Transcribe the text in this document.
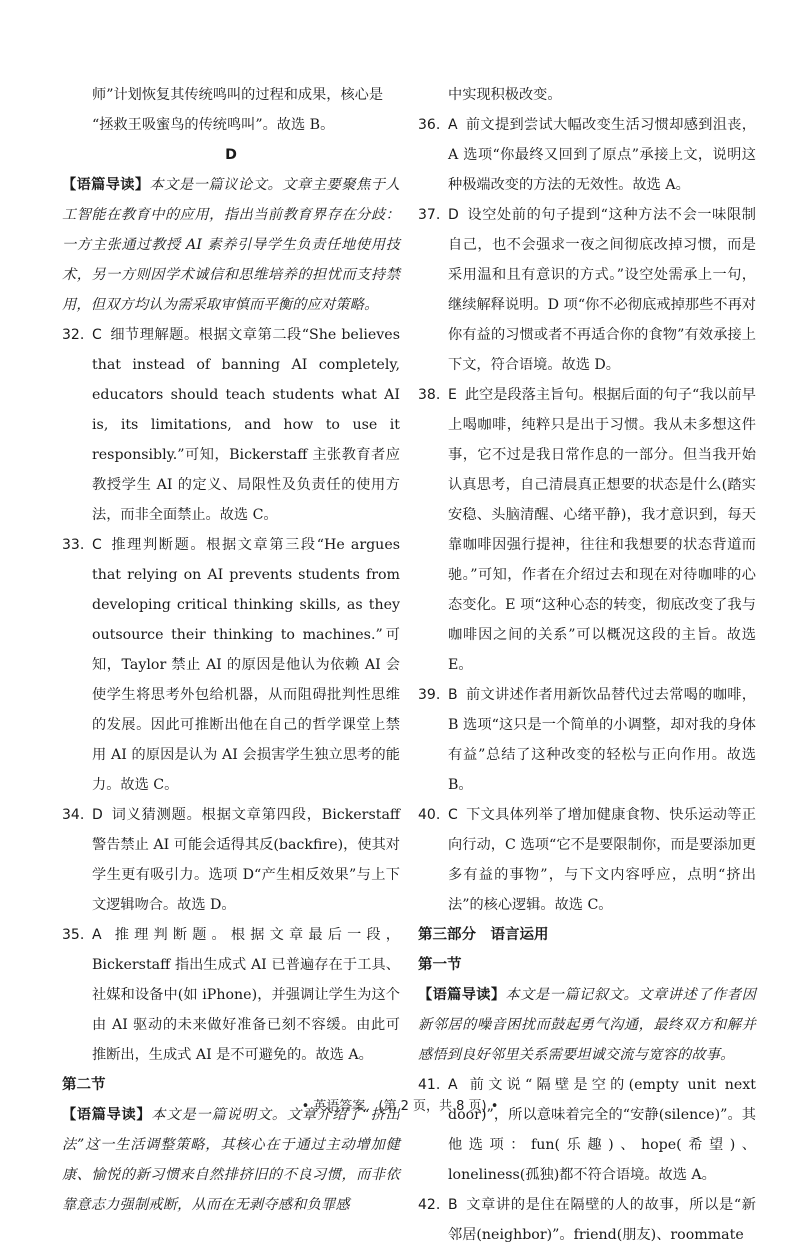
师”计划恢复其传统鸣叫的过程和成果，核心是

“拯救王吸蜜鸟的传统鸣叫”。故选 B。

D

【语篇导读】本文是一篇议论文。文章主要聚焦于人工智能在教育中的应用，指出当前教育界存在分歧：一方主张通过教授 AI 素养引导学生负责任地使用技术，另一方则因学术诚信和思维培养的担忧而支持禁用，但双方均认为需采取审慎而平衡的应对策略。

32. C 细节理解题。根据文章第二段“She believes that instead of banning AI completely, educators should teach students what AI is, its limitations, and how to use it responsibly.”可知，Bickerstaff 主张教育者应教授学生 AI 的定义、局限性及负责任的使用方法，而非全面禁止。故选 C。
33. C 推理判断题。根据文章第三段“He argues that relying on AI prevents students from developing critical thinking skills, as they outsource their thinking to machines.”可知，Taylor 禁止 AI 的原因是他认为依赖 AI 会使学生将思考外包给机器，从而阻碍批判性思维的发展。因此可推断出他在自己的哲学课堂上禁用 AI 的原因是认为 AI 会损害学生独立思考的能力。故选 C。
34. D 词义猜测题。根据文章第四段，Bickerstaff 警告禁止 AI 可能会适得其反(backfire)，使其对学生更有吸引力。选项 D“产生相反效果”与上下文逻辑吻合。故选 D。
35. A 推理判断题。根据文章最后一段，Bickerstaff 指出生成式 AI 已普遍存在于工具、社媒和设备中(如 iPhone)，并强调让学生为这个由 AI 驱动的未来做好准备已刻不容缓。由此可推断出，生成式 AI 是不可避免的。故选 A。

第二节

【语篇导读】本文是一篇说明文。文章介绍了“挤出法”这一生活调整策略，其核心在于通过主动增加健康、愉悦的新习惯来自然排挤旧的不良习惯，而非依靠意志力强制戒断，从而在无剥夺感和负罪感

中实现积极改变。

36. A 前文提到尝试大幅改变生活习惯却感到沮丧，A 选项“你最终又回到了原点”承接上文，说明这种极端改变的方法的无效性。故选 A。
37. D 设空处前的句子提到“这种方法不会一味限制自己，也不会强求一夜之间彻底改掉习惯，而是采用温和且有意识的方式。”设空处需承上一句，继续解释说明。D 项“你不必彻底戒掉那些不再对你有益的习惯或者不再适合你的食物”有效承接上下文，符合语境。故选 D。
38. E 此空是段落主旨句。根据后面的句子“我以前早上喝咖啡，纯粹只是出于习惯。我从未多想这件事，它不过是我日常作息的一部分。但当我开始认真思考，自己清晨真正想要的状态是什么(踏实安稳、头脑清醒、心绪平静)，我才意识到，每天靠咖啡因强行提神，往往和我想要的状态背道而驰。”可知，作者在介绍过去和现在对待咖啡的心态变化。E 项“这种心态的转变，彻底改变了我与咖啡因之间的关系”可以概况这段的主旨。故选 E。
39. B 前文讲述作者用新饮品替代过去常喝的咖啡，B 选项“这只是一个简单的小调整，却对我的身体有益”总结了这种改变的轻松与正向作用。故选 B。
40. C 下文具体列举了增加健康食物、快乐运动等正向行动，C 选项“它不是要限制你，而是要添加更多有益的事物”，与下文内容呼应，点明“挤出法”的核心逻辑。故选 C。

第三部分　语言运用

第一节

【语篇导读】本文是一篇记叙文。文章讲述了作者因新邻居的噪音困扰而鼓起勇气沟通，最终双方和解并感悟到良好邻里关系需要坦诚交流与宽容的故事。

41. A 前文说“隔壁是空的(empty unit next door)”，所以意味着完全的“安静(silence)”。其他选项：fun(乐趣)、hope(希望)、loneliness(孤独)都不符合语境。故选 A。
42. B 文章讲的是住在隔壁的人的故事，所以是“新邻居(neighbor)”。friend(朋友)、roommate
• 英语答案　(第 2 页，共 8 页) •
